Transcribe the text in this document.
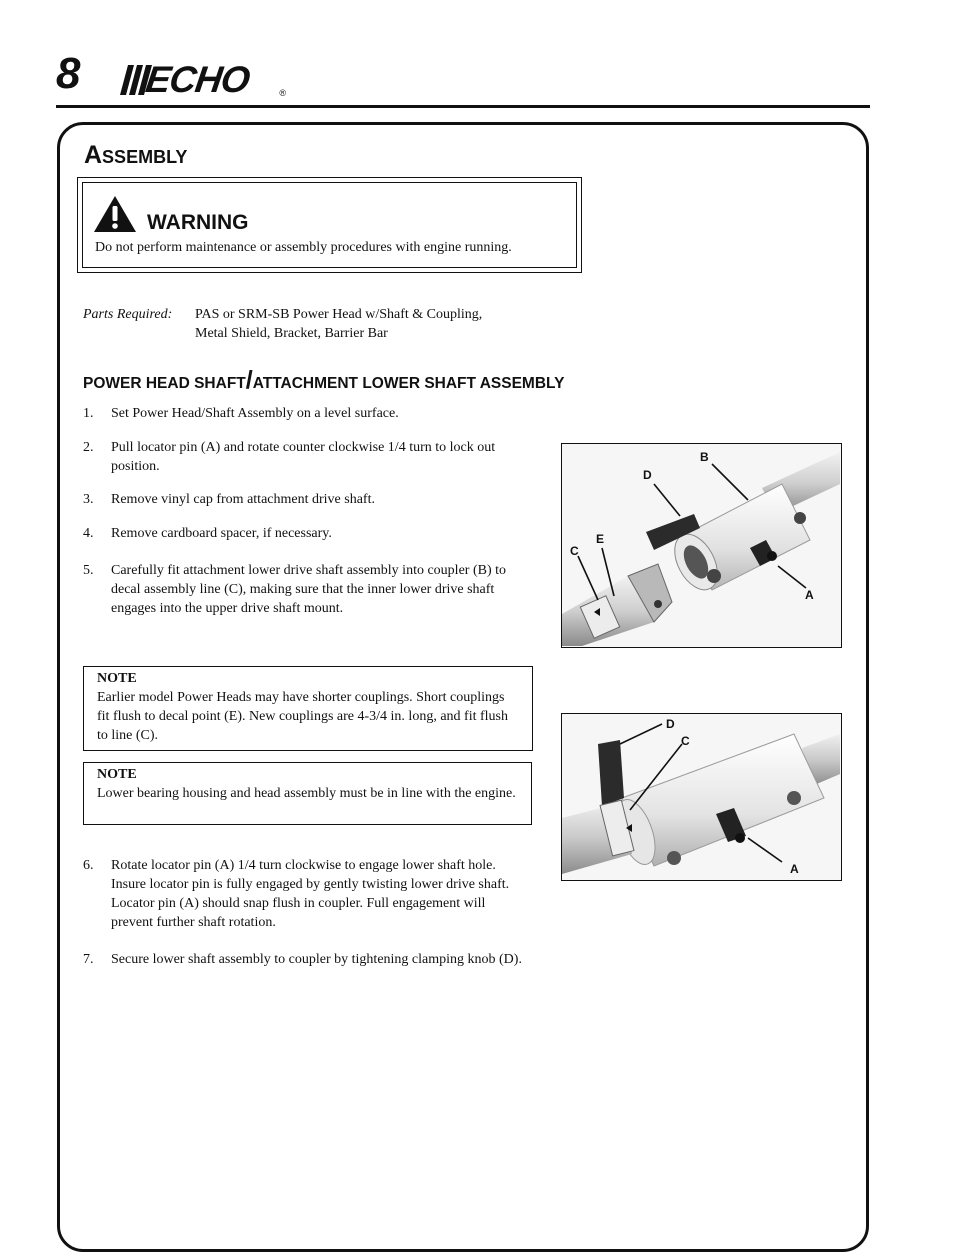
8 ECHO	®
Assembly
WARNING
Do not perform maintenance or assembly procedures with engine running.
Parts Required: PAS or SRM-SB Power Head w/Shaft & Coupling,
Metal Shield, Bracket, Barrier Bar
POWER HEAD SHAFT/ATTACHMENT LOWER SHAFT ASSEMBLY
1.	Set Power Head/Shaft Assembly on a level surface.
2.	Pull locator pin (A) and rotate counter clockwise 1/4 turn to lock out position.
3.	Remove vinyl cap from attachment drive shaft.
4.	Remove cardboard spacer, if necessary.
5.	Carefully fit attachment lower drive shaft assembly into coupler (B) to decal assembly line (C), making sure that the inner lower drive shaft engages into the upper drive shaft mount.
NOTE
Earlier model Power Heads may have shorter couplings. Short couplings fit flush to decal point (E). New couplings are 4-3/4 in. long, and fit flush to line (C).
NOTE
Lower bearing housing and head assembly must be in line with the engine.
6.	Rotate locator pin (A) 1/4 turn clockwise to engage lower shaft hole. Insure locator pin is fully engaged by gently twisting lower drive shaft. Locator pin (A) should snap flush in coupler. Full engagement will prevent further shaft rotation.
7.	Secure lower shaft assembly to coupler by tightening clamping knob (D).
B
D
E
C
A
D
C
A
